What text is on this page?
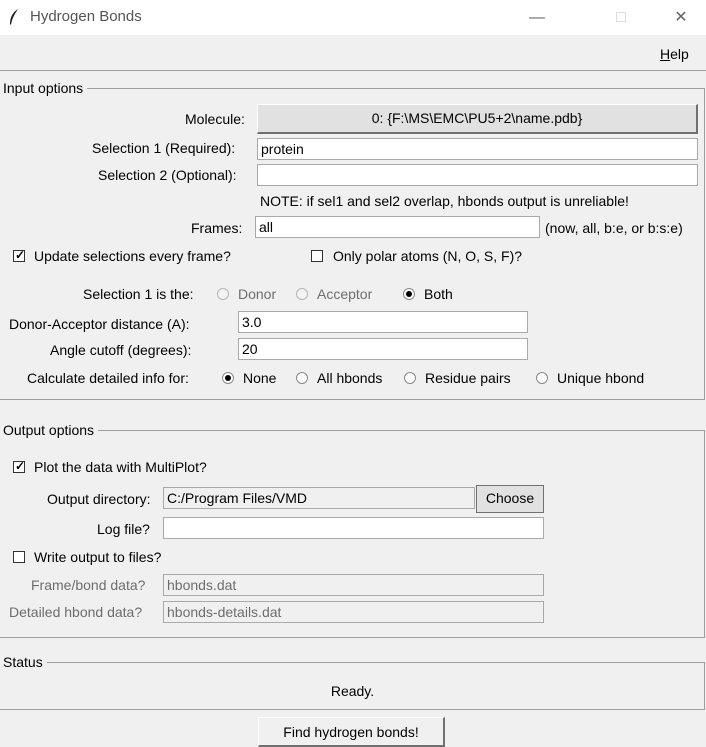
Hydrogen Bonds	—	□	✕
Help
Input options
Molecule:	0: {F:\MS\EMC\PU5+2\name.pdb}
Selection 1 (Required): protein
Selection 2 (Optional):
NOTE: if sel1 and sel2 overlap, hbonds output is unreliable!
Frames: all	(now, all, b:e, or b:s:e)
✓ Update selections every frame?	Only polar atoms (N, O, S, F)?
Selection 1 is the:	Donor	Acceptor	Both
Donor-Acceptor distance (A):	3.0
Angle cutoff (degrees):	20
Calculate detailed info for:	None	All hbonds	Residue pairs	Unique hbond
Output options
✓ Plot the data with MultiPlot?
Output directory: C:/Program Files/VMD	Choose
Log file?
Write output to files?
Frame/bond data? hbonds.dat
Detailed hbond data? hbonds-details.dat
Status
Ready.
Find hydrogen bonds!
